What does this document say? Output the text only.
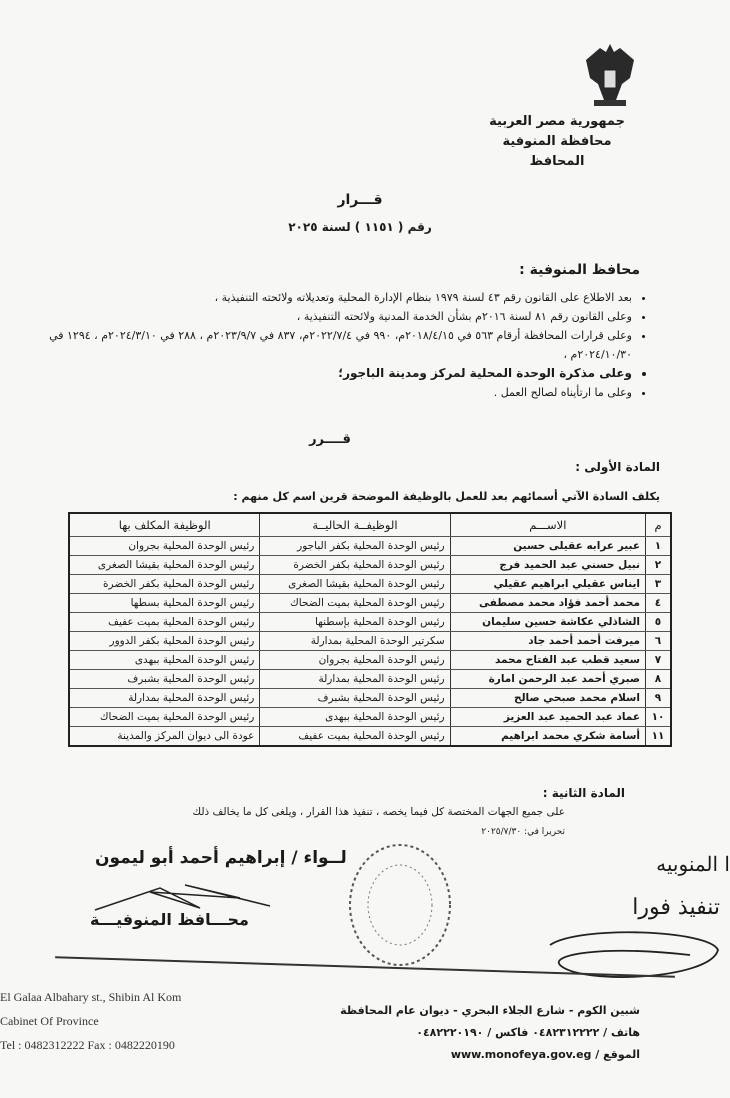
جمهورية مصر العربية
محافظة المنوفية
المحافظ
قـــرار
رقم ( ١١٥١ ) لسنة ٢٠٢٥
محافظ المنوفية :
• بعد الاطلاع على القانون رقم ٤٣ لسنة ١٩٧٩ بنظام الإدارة المحلية وتعديلاته ولائحته التنفيذية ،
• وعلى القانون رقم ٨١ لسنة ٢٠١٦م بشأن الخدمة المدنية ولائحته التنفيذية ،
• وعلى قرارات المحافظة أرقام ٥٦٣ في ٢٠١٨/٤/١٥م، ٩٩٠ في ٢٠٢٢/٧/٤م، ٨٣٧ في ٢٠٢٣/٩/٧م ، ٢٨٨ في ٢٠٢٤/٣/١٠م ، ١٢٩٤ في ٢٠٢٤/١٠/٣٠م ،
• وعلى مذكرة الوحدة المحلية لمركز ومدينة الباجور؛
• وعلى ما ارتأيناه لصالح العمل .
قــــرر
المادة الأولى :
يكلف السادة الآتي أسمائهم بعد للعمل بالوظيفة الموضحة قرين اسم كل منهم :
م	الاســـم	الوظيفــة الحاليــة	الوظيفة المكلف بها
١	عبير عرابه عقيلى حسين	رئيس الوحدة المحلية بكفر الباجور	رئيس الوحدة المحلية بجروان
٢	نبيل حسني عبد الحميد فرج	رئيس الوحدة المحلية بكفر الخضرة	رئيس الوحدة المحلية بقيشا الصغرى
٣	ايناس عقيلي ابراهيم عقيلي	رئيس الوحدة المحلية بقيشا الصغرى	رئيس الوحدة المحلية بكفر الخضرة
٤	محمد أحمد فؤاد محمد مصطفى	رئيس الوحدة المحلية بميت الضحاك	رئيس الوحدة المحلية بسطها
٥	الشاذلي عكاشة حسين سليمان	رئيس الوحدة المحلية بإسطنها	رئيس الوحدة المحلية بميت عفيف
٦	ميرفت أحمد أحمد جاد	سكرتير الوحدة المحلية بمدارلة	رئيس الوحدة المحلية بكفر الدوور
٧	سعيد قطب عبد الفتاح محمد	رئيس الوحدة المحلية بجروان	رئيس الوحدة المحلية ببهدى
٨	صبري أحمد عبد الرحمن امارة	رئيس الوحدة المحلية بمدارلة	رئيس الوحدة المحلية بشبرف
٩	اسلام محمد صبحي صالح	رئيس الوحدة المحلية بشبرف	رئيس الوحدة المحلية بمدارلة
١٠	عماد عبد الحميد عبد العزيز	رئيس الوحدة المحلية ببهدى	رئيس الوحدة المحلية بميت الضحاك
١١	أسامة شكري محمد ابراهيم	رئيس الوحدة المحلية بميت عفيف	عودة الى ديوان المركز والمدينة
المادة الثانية :
على جميع الجهات المختصة كل فيما يخصه ، تنفيذ هذا القرار ، ويلغى كل ما يخالف ذلك
تحريرا في: ٢٠٢٥/٧/٣٠
لــواء / إبراهيم أحمد أبو ليمون
محـــافظ المنوفيـــة
ا المنوبيه
تنفيذ فورا
El Galaa Albahary st., Shibin Al Kom
Cabinet Of Province
Tel : 0482312222 Fax : 0482220190
شبين الكوم - شارع الجلاء البحري - ديوان عام المحافظة
هاتف / ٠٤٨٢٣١٢٢٢٢ فاكس / ٠٤٨٢٢٢٠١٩٠
الموقع / www.monofeya.gov.eg
